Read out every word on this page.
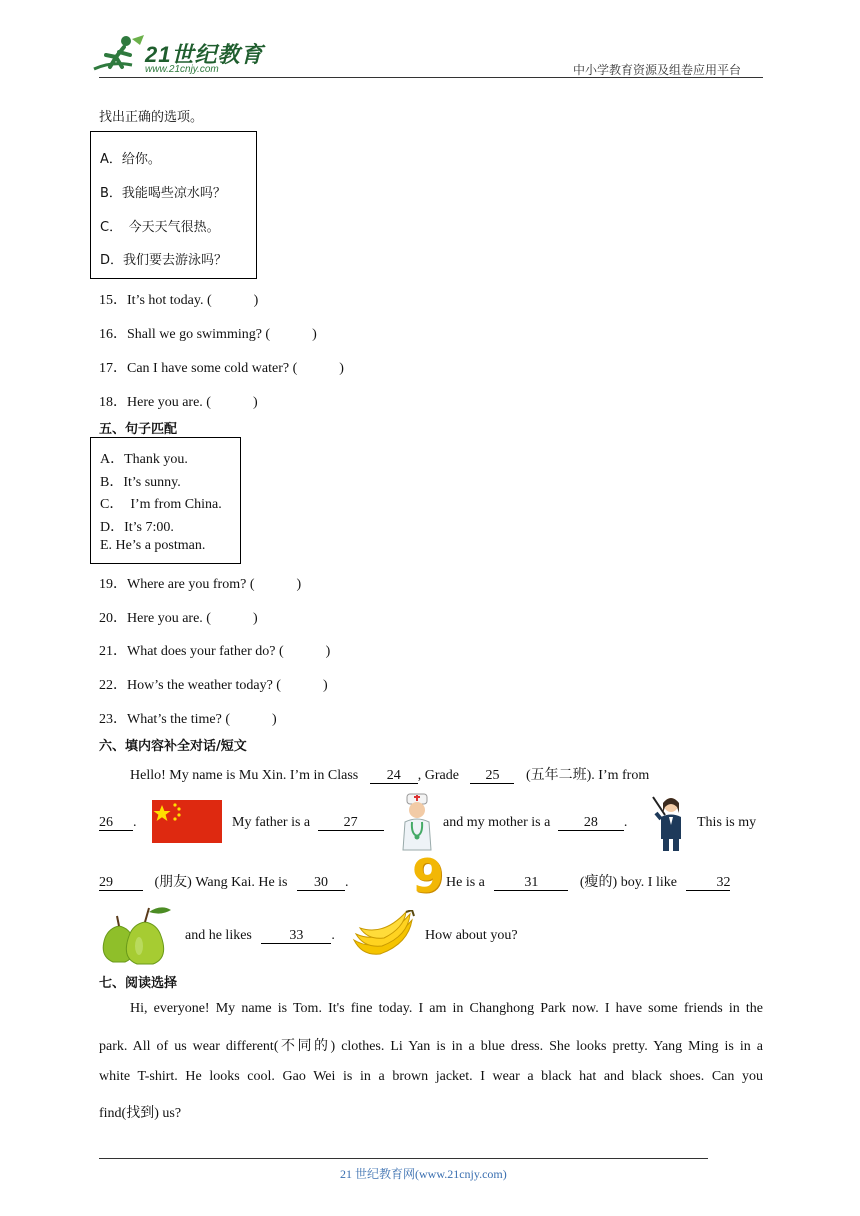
21世纪教育
www.21cnjy.com	中小学教育资源及组卷应用平台
找出正确的选项。

A．给你。

B．我能喝些凉水吗？

C．　今天天气很热。

D．我们要去游泳吗？

15．It’s hot today. (　　　)
16．Shall we go swimming? (　　　)
17．Can I have some cold water? (　　　)
18．Here you are. (　　　)
五、句子匹配

A．Thank you.

B．It’s sunny.

C．　I’m from China.

D．It’s 7:00.

E. He’s a postman.

19．Where are you from? (　　　)
20．Here you are. (　　　)
21．What does your father do? (　　　)
22．How’s the weather today? (　　　)
23．What’s the time? (　　　)
六、填内容补全对话/短文
Hello! My name is Mu Xin. I’m in Class 24 , Grade 25 (五年二班). I’m from
26 .	My father is a 27	and my mother is a 28 .	This is my
29	(朋友) Wang Kai. He is 30 . 9 He is a	31	(瘦的) boy. I like	32
and he likes	33 .	How about you?
七、阅读选择
Hi, everyone! My name is Tom. It's fine today. I am in Changhong Park now. I have some friends in the
park. All of us wear different(不同的) clothes. Li Yan is in a blue dress. She looks pretty. Yang Ming is in a
white T-shirt. He looks cool. Gao Wei is in a brown jacket. I wear a black hat and black shoes. Can you
find(找到) us?
21 世纪教育网(www.21cnjy.com)
